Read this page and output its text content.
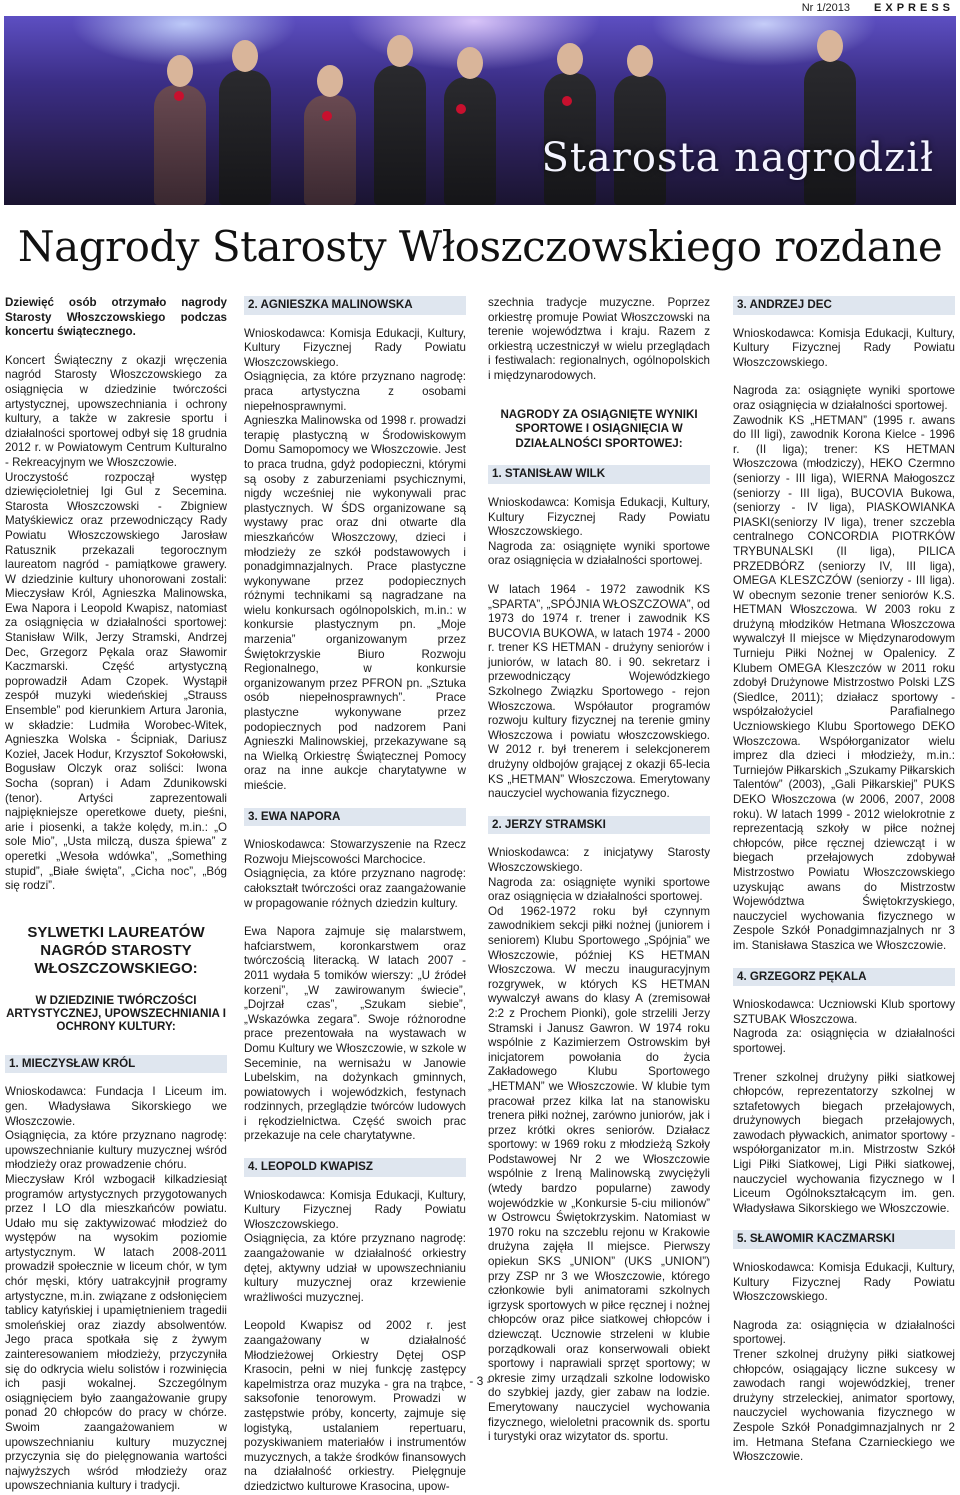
Nr 1/2013 EXPRESS
Starosta nagrodził
Nagrody Starosty Włoszczowskiego rozdane

Dziewięć osób otrzymało nagrody Starosty Włoszczowskiego podczas koncertu świątecznego.

Koncert Świąteczny z okazji wręczenia nagród Starosty Włoszczowskiego za osiągnięcia w dziedzinie twórczości artystycznej, upowszechniania i ochrony kultury, a także w zakresie sportu i działalności sportowej odbył się 18 grudnia 2012 r. w Powiatowym Centrum Kulturalno - Rekreacyjnym we Włoszczowie.

Uroczystość rozpoczął występ dziewięcioletniej Igi Gul z Secemina. Starosta Włoszczowski - Zbigniew Matyśkiewicz oraz przewodniczący Rady Powiatu Włoszczowskiego Jarosław Ratusznik przekazali tegorocznym laureatom nagród - pamiątkowe grawery. W dziedzinie kultury uhonorowani zostali: Mieczysław Król, Agnieszka Malinowska, Ewa Napora i Leopold Kwapisz, natomiast za osiągnięcia w działalności sportowej: Stanisław Wilk, Jerzy Stramski, Andrzej Dec, Grzegorz Pękala oraz Sławomir Kaczmarski. Część artystyczną poprowadził Adam Czopek. Wystąpił zespół muzyki wiedeńskiej „Strauss Ensemble” pod kierunkiem Artura Jaronia, w składzie: Ludmiła Worobec-Witek, Agnieszka Wolska - Ścipniak, Dariusz Kozieł, Jacek Hodur, Krzysztof Sokołowski, Bogusław Olczyk oraz soliści: Iwona Socha (sopran) i Adam Zdunikowski (tenor). Artyści zaprezentowali najpiękniejsze operetkowe duety, pieśni, arie i piosenki, a także kolędy, m.in.: „O sole Mio”, „Usta milczą, dusza śpiewa” z operetki „Wesoła wdówka”, „Something stupid”, „Białe święta”, „Cicha noc”, „Bóg się rodzi”.

SYLWETKI LAUREATÓW NAGRÓD STAROSTY WŁOSZCZOWSKIEGO:
W DZIEDZINIE TWÓRCZOŚCI ARTYSTYCZNEJ, UPOWSZECHNIANIA I OCHRONY KULTURY:
1. MIECZYSŁAW KRÓL

Wnioskodawca: Fundacja I Liceum im. gen. Władysława Sikorskiego we Włoszczowie.

Osiągnięcia, za które przyznano nagrodę: upowszechnianie kultury muzycznej wśród młodzieży oraz prowadzenie chóru.

Mieczysław Król wzbogacił kilkadziesiąt programów artystycznych przygotowanych przez I LO dla mieszkańców powiatu. Udało mu się zaktywizować młodzież do występów na wysokim poziomie artystycznym. W latach 2008-2011 prowadził społecznie w liceum chór, w tym chór męski, który uatrakcyjnił programy artystyczne, m.in. związane z odsłonięciem tablicy katyńskiej i upamiętnieniem tragedii smoleńskiej oraz ziazdy absolwentów. Jego praca spotkała się z żywym zainteresowaniem młodzieży, przyczyniła się do odkrycia wielu solistów i rozwinięcia ich pasji wokalnej. Szczególnym osiągnięciem było zaangażowanie grupy ponad 20 chłopców do pracy w chórze. Swoim zaangażowaniem w upowszechnianiu kultury muzycznej przyczynia się do pielęgnowania wartości najwyższych wśród młodzieży oraz upowszechniania kultury i tradycji.

2. AGNIESZKA MALINOWSKA

Wnioskodawca: Komisja Edukacji, Kultury, Kultury Fizycznej Rady Powiatu Włoszczowskiego.

Osiągnięcia, za które przyznano nagrodę: praca artystyczna z osobami niepełnosprawnymi.

Agnieszka Malinowska od 1998 r. prowadzi terapię plastyczną w Środowiskowym Domu Samopomocy we Włoszczowie. Jest to praca trudna, gdyż podopieczni, którymi są osoby z zaburzeniami psychicznymi, nigdy wcześniej nie wykonywali prac plastycznych. W ŚDS organizowane są wystawy prac oraz dni otwarte dla mieszkańców Włoszczowy, dzieci i młodzieży ze szkół podstawowych i ponadgimnazjalnych. Prace plastyczne wykonywane przez podopiecznych różnymi technikami są nagradzane na wielu konkursach ogólnopolskich, m.in.: w konkursie plastycznym pn. „Moje marzenia” organizowanym przez Świętokrzyskie Biuro Rozwoju Regionalnego, w konkursie organizowanym przez PFRON pn. „Sztuka osób niepełnosprawnych”. Prace plastyczne wykonywane przez podopiecznych pod nadzorem Pani Agnieszki Malinowskiej, przekazywane są na Wielką Orkiestrę Świątecznej Pomocy oraz na inne aukcje charytatywne w mieście.

3. EWA NAPORA

Wnioskodawca: Stowarzyszenie na Rzecz Rozwoju Miejscowości Marchocice.

Osiągnięcia, za które przyznano nagrodę: całokształt twórczości oraz zaangażowanie w propagowanie różnych dziedzin kultury.

Ewa Napora zajmuje się malarstwem, hafciarstwem, koronkarstwem oraz twórczością literacką. W latach 2007 - 2011 wydała 5 tomików wierszy: „U źródeł korzeni”, „W zawirowanym świecie”, „Dojrzał czas”, „Szukam siebie”, „Wskazówka zegara”. Swoje różnorodne prace prezentowała na wystawach w Domu Kultury we Włoszczowie, w szkole w Seceminie, na wernisażu w Janowie Lubelskim, na dożynkach gminnych, powiatowych i wojewódzkich, festynach rodzinnych, przeglądzie twórców ludowych i rękodzielnictwa. Część swoich prac przekazuje na cele charytatywne.

4. LEOPOLD KWAPISZ

Wnioskodawca: Komisja Edukacji, Kultury, Kultury Fizycznej Rady Powiatu Włoszczowskiego.

Osiągnięcia, za które przyznano nagrodę: zaangażowanie w działalność orkiestry dętej, aktywny udział w upowszechnianiu kultury muzycznej oraz krzewienie wrażliwości muzycznej.

Leopold Kwapisz od 2002 r. jest zaangażowany w działalność Młodzieżowej Orkiestry Dętej OSP Krasocin, pełni w niej funkcję zastępcy kapelmistrza oraz muzyka - gra na trąbce, saksofonie tenorowym. Prowadzi w zastępstwie próby, koncerty, zajmuje się logistyką, ustalaniem repertuaru, pozyskiwaniem materiałów i instrumentów muzycznych, a także środków finansowych na działalność orkiestry. Pielęgnuje dziedzictwo kulturowe Krasocina, upow-

szechnia tradycje muzyczne. Poprzez orkiestrę promuje Powiat Włoszczowski na terenie województwa i kraju. Razem z orkiestrą uczestniczył w wielu przeglądach i festiwalach: regionalnych, ogólnopolskich i międzynarodowych.

NAGRODY ZA OSIĄGNIĘTE WYNIKI SPORTOWE I OSIĄGNIĘCIA W DZIAŁALNOŚCI SPORTOWEJ:
1. STANISŁAW WILK

Wnioskodawca: Komisja Edukacji, Kultury, Kultury Fizycznej Rady Powiatu Włoszczowskiego.

Nagroda za: osiągnięte wyniki sportowe oraz osiągnięcia w działalności sportowej.

W latach 1964 - 1972 zawodnik KS „SPARTA”, „SPÓJNIA WŁOSZCZOWA”, od 1973 do 1974 r. trener i zawodnik KS BUCOVIA BUKOWA, w latach 1974 - 2000 r. trener KS HETMAN - drużyny seniorów i juniorów, w latach 80. i 90. sekretarz i przewodniczący Wojewódzkiego Szkolnego Związku Sportowego - rejon Włoszczowa. Współautor programów rozwoju kultury fizycznej na terenie gminy Włoszczowa i powiatu włoszczowskiego. W 2012 r. był trenerem i selekcjonerem drużyny oldbojów grającej z okazji 65-lecia KS „HETMAN” Włoszczowa. Emerytowany nauczyciel wychowania fizycznego.

2. JERZY STRAMSKI

Wnioskodawca: z inicjatywy Starosty Włoszczowskiego.

Nagroda za: osiągnięte wyniki sportowe oraz osiągnięcia w działalności sportowej.

Od 1962-1972 roku był czynnym zawodnikiem sekcji piłki nożnej (juniorem i seniorem) Klubu Sportowego „Spójnia” we Włoszczowie, później KS HETMAN Włoszczowa. W meczu inauguracyjnym rozgrywek, w których KS HETMAN wywalczył awans do klasy A (zremisował 2:2 z Prochem Pionki), gole strzelili Jerzy Stramski i Janusz Gawron. W 1974 roku wspólnie z Kazimierzem Ostrowskim był inicjatorem powołania do życia Zakładowego Klubu Sportowego „HETMAN” we Włoszczowie. W klubie tym pracował przez kilka lat na stanowisku trenera piłki nożnej, zarówno juniorów, jak i przez krótki okres seniorów. Działacz sportowy: w 1969 roku z młodzieżą Szkoły Podstawowej Nr 2 we Włoszczowie wspólnie z Ireną Malinowską zwyciężyli (wtedy bardzo popularne) zawody wojewódzkie w „Konkursie 5-ciu milionów” w Ostrowcu Świętokrzyskim. Natomiast w 1970 roku na szczeblu rejonu w Krakowie drużyna zajęła II miejsce. Pierwszy opiekun SKS „UNION” (UKS „UNION”) przy ZSP nr 3 we Włoszczowie, którego członkowie byli animatorami szkolnych igrzysk sportowych w piłce ręcznej i nożnej chłopców oraz piłce siatkowej chłopców i dziewcząt. Ucznowie strzeleni w klubie porządkowali oraz konserwowali obiekt sportowy i naprawiali sprzęt sportowy; w okresie zimy urządzali szkolne lodowisko do szybkiej jazdy, gier zabaw na lodzie. Emerytowany nauczyciel wychowania fizycznego, wieloletni pracownik ds. sportu i turystyki oraz wizytator ds. sportu.

3. ANDRZEJ DEC

Wnioskodawca: Komisja Edukacji, Kultury, Kultury Fizycznej Rady Powiatu Włoszczowskiego.

Nagroda za: osiągnięte wyniki sportowe oraz osiągnięcia w działalności sportowej.

Zawodnik KS „HETMAN” (1995 r. awans do III ligi), zawodnik Korona Kielce - 1996 r. (II liga); trener: KS HETMAN Włoszczowa (młodziczy), HEKO Czermno (seniorzy - III liga), WIERNA Małogoszcz (seniorzy - III liga), BUCOVIA Bukowa, (seniorzy - IV liga), PIASKOWIANKA PIASKI(seniorzy IV liga), trener szczebla centralnego CONCORDIA PIOTRKÓW TRYBUNALSKI (II liga), PILICA PRZEDBÓRZ (seniorzy IV, III liga), OMEGA KLESZCZÓW (seniorzy - III liga). W obecnym sezonie trener seniorów K.S. HETMAN Włoszczowa. W 2003 roku z drużyną młodzików Hetmana Włoszczowa wywalczył II miejsce w Międzynarodowym Turnieju Piłki Nożnej w Opalenicy. Z Klubem OMEGA Kleszczów w 2011 roku zdobył Drużynowe Mistrzostwo Polski LZS (Siedlce, 2011); działacz sportowy - współzałożyciel Parafialnego Uczniowskiego Klubu Sportowego DEKO Włoszczowa. Współorganizator wielu imprez dla dzieci i młodzieży, m.in.: Turniejów Piłkarskich „Szukamy Piłkarskich Talentów” (2003), „Gali Piłkarskiej” PUKS DEKO Włoszczowa (w 2006, 2007, 2008 roku). W latach 1999 - 2012 wielokrotnie z reprezentacją szkoły w piłce nożnej chłopców, piłce ręcznej dziewcząt i w biegach przełajowych zdobywał Mistrzostwo Powiatu Włoszczowskiego uzyskując awans do Mistrzostw Województwa Świętokrzyskiego, nauczyciel wychowania fizycznego w Zespole Szkół Ponadgimnazjalnych nr 3 im. Stanisława Staszica we Włoszczowie.

4. GRZEGORZ PĘKALA

Wnioskodawca: Uczniowski Klub sportowy SZTUBAK Włoszczowa.

Nagroda za: osiągnięcia w działalności sportowej.

Trener szkolnej drużyny piłki siatkowej chłopców, reprezentatorzy szkolnej w sztafetowych biegach przełajowych, drużynowych biegach przełajowych, zawodach pływackich, animator sportowy - współorganizator m.in. Mistrzostw Szkół Ligi Piłki Siatkowej, Ligi Piłki siatkowej, nauczyciel wychowania fizycznego w I Liceum Ogólnokształcącym im. gen. Władysława Sikorskiego we Włoszczowie.

5. SŁAWOMIR KACZMARSKI

Wnioskodawca: Komisja Edukacji, Kultury, Kultury Fizycznej Rady Powiatu Włoszczowskiego.

Nagroda za: osiągnięcia w działalności sportowej.

Trener szkolnej drużyny piłki siatkowej chłopców, osiągający liczne sukcesy w zawodach rangi wojewódzkiej, trener drużyny strzeleckiej, animator sportowy, nauczyciel wychowania fizycznego w Zespole Szkół Ponadgimnazjalnych nr 2 im. Hetmana Stefana Czarnieckiego we Włoszczowie.

- 3 -
